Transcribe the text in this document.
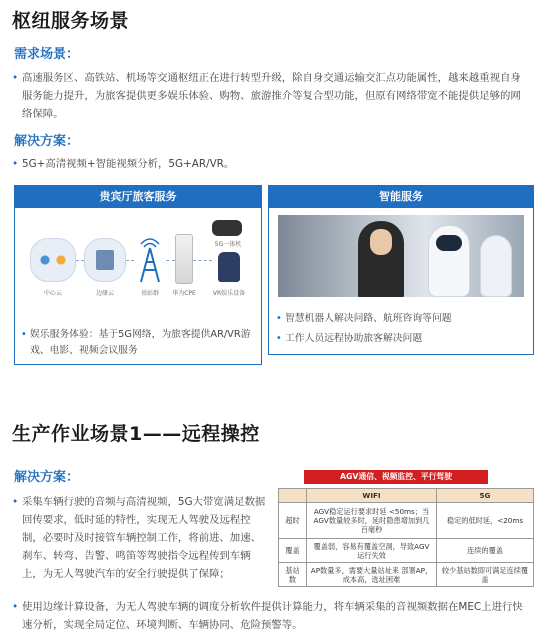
枢纽服务场景
需求场景：
• 高速服务区、高铁站、机场等交通枢纽正在进行转型升级，除自身交通运输交汇点功能属性，越来越重视自身服务能力提升，为旅客提供更多娱乐体验、购物、旅游推介等复合型功能，但原有网络带宽不能提供足够的网络保障。
解决方案：
• 5G+高清视频+智能视频分析，5G+AR/VR。
贵宾厅旅客服务
中心云	边缘云	基站群	华为CPE
5G一体机
VR娱乐设备
• 娱乐服务体验：基于5G网络，为旅客提供AR/VR游戏、电影、视频会议服务
智能服务
• 智慧机器人解决问路、航班咨询等问题
• 工作人员远程协助旅客解决问题
生产作业场景1——远程操控
解决方案：
• 采集车辆行驶的音频与高清视频，5G大带宽满足数据回传要求，低时延的特性，实现无人驾驶及远程控制，必要时及时接管车辆控制工作，将前进、加速、刹车、转弯、告警、鸣笛等驾驶指令远程传到车辆上，为无人驾驶汽车的安全行驶提供了保障；
• 使用边缘计算设备，为无人驾驶车辆的调度分析软件提供计算能力，将车辆采集的音视频数据在MEC上进行快速分析，实现全局定位、环境判断、车辆协同、危险预警等。
AGV通信、视频监控、平行驾驶
	WIFI	5G
超时	AGV稳定运行要求时延 <50ms；当AGV数量较多时，延时隐患增加到几百毫秒	稳定的低时延，<20ms
覆盖	覆盖弱，容易有覆盖空洞，导致AGV运行失效	连续的覆盖
基站数	AP数量多，需要大量站址来 部署AP，成本高，选址困难	较少基站数即可满足连续覆盖
